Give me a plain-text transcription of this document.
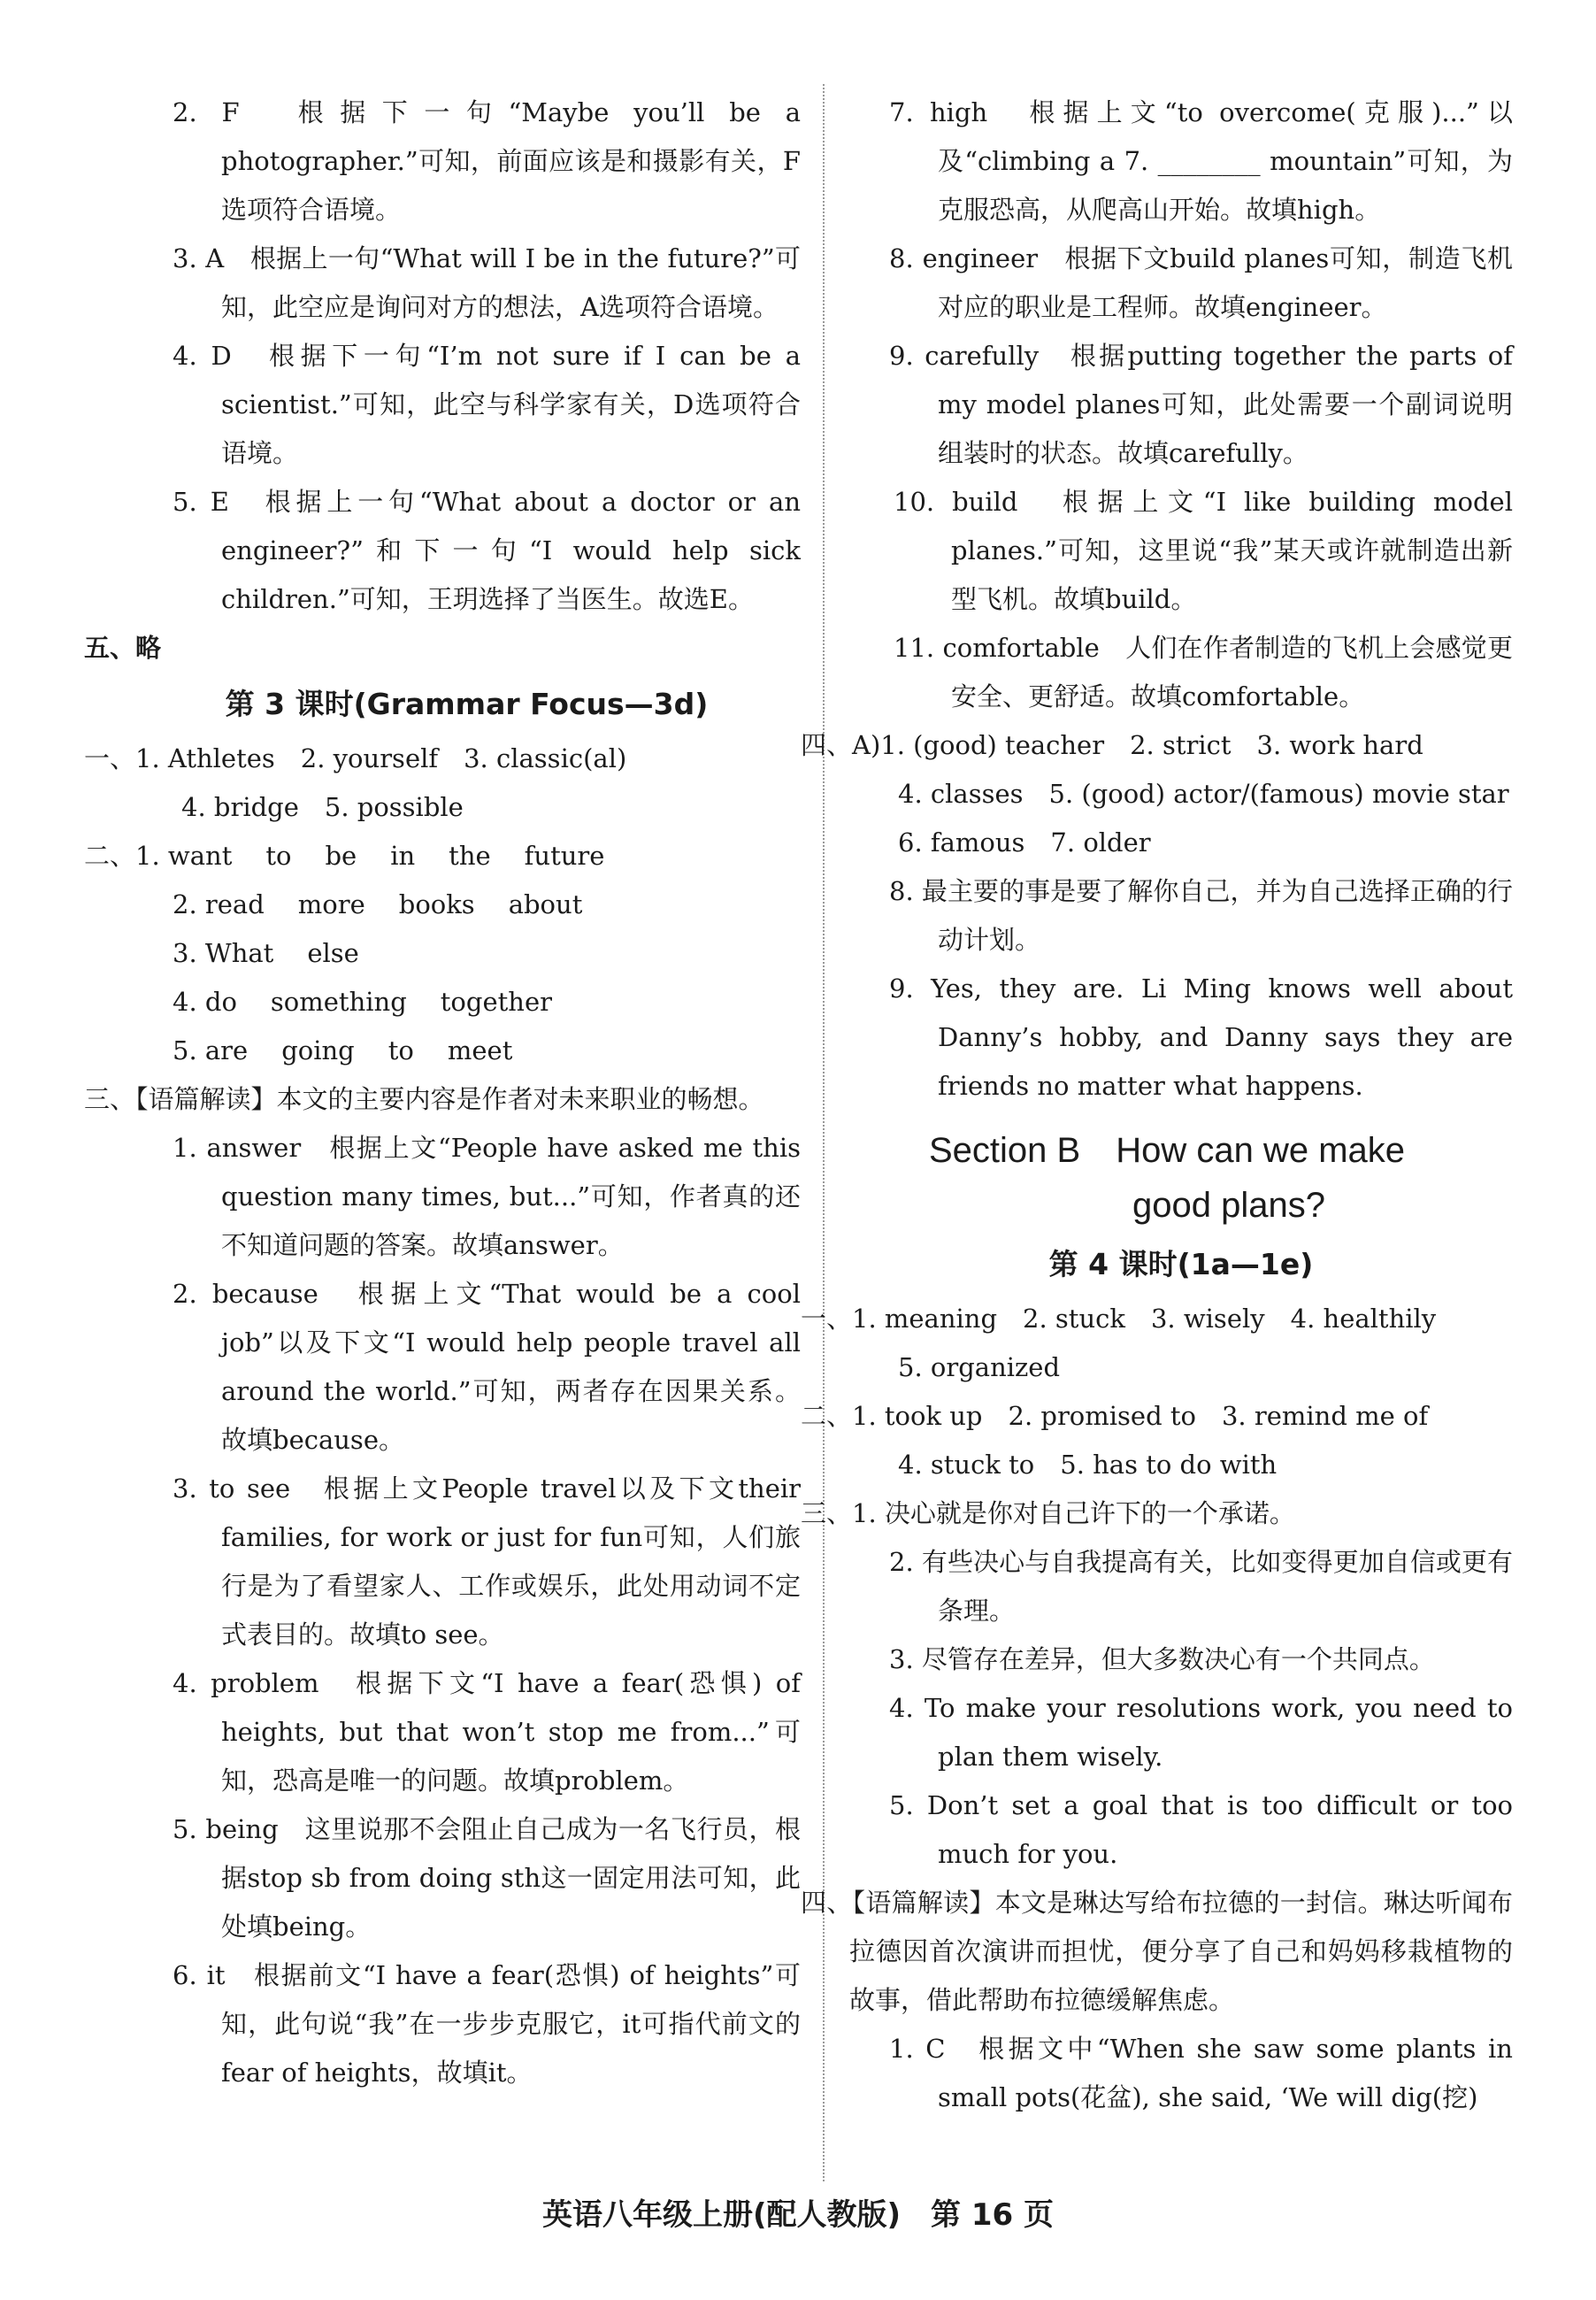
2. F　根据下一句“Maybe you’ll be a photographer.”可知，前面应该是和摄影有关，F选项符合语境。

3. A　根据上一句“What will I be in the future?”可知，此空应是询问对方的想法，A选项符合语境。

4. D　根据下一句“I’m not sure if I can be a scientist.”可知，此空与科学家有关，D选项符合语境。

5. E　根据上一句“What about a doctor or an engineer?”和下一句“I would help sick children.”可知，王玥选择了当医生。故选E。

五、略

第 3 课时(Grammar Focus—3d)

一、1. Athletes　2. yourself　3. classic(al)

4. bridge　5. possible

二、1. want to be in the future

2. read more books about

3. What else

4. do something together

5. are going to meet

三、【语篇解读】本文的主要内容是作者对未来职业的畅想。

1. answer　根据上文“People have asked me this question many times, but...”可知，作者真的还不知道问题的答案。故填answer。

2. because　根据上文“That would be a cool job”以及下文“I would help people travel all around the world.”可知，两者存在因果关系。故填because。

3. to see　根据上文People travel以及下文their families, for work or just for fun可知，人们旅行是为了看望家人、工作或娱乐，此处用动词不定式表目的。故填to see。

4. problem　根据下文“I have a fear(恐惧) of heights, but that won’t stop me from...”可知，恐高是唯一的问题。故填problem。

5. being　这里说那不会阻止自己成为一名飞行员，根据stop sb from doing sth这一固定用法可知，此处填being。

6. it　根据前文“I have a fear(恐惧) of heights”可知，此句说“我”在一步步克服它，it可指代前文的fear of heights，故填it。

7. high　根据上文“to overcome(克服)...”以及“climbing a 7. ________ mountain”可知，为克服恐高，从爬高山开始。故填high。

8. engineer　根据下文build planes可知，制造飞机对应的职业是工程师。故填engineer。

9. carefully　根据putting together the parts of my model planes可知，此处需要一个副词说明组装时的状态。故填carefully。

10. build　根据上文“I like building model planes.”可知，这里说“我”某天或许就制造出新型飞机。故填build。

11. comfortable　人们在作者制造的飞机上会感觉更安全、更舒适。故填comfortable。

四、A)1. (good) teacher　2. strict　3. work hard

4. classes　5. (good) actor/(famous) movie star

6. famous　7. older

8. 最主要的事是要了解你自己，并为自己选择正确的行动计划。

9. Yes, they are. Li Ming knows well about Danny’s hobby, and Danny says they are friends no matter what happens.

Section B　How can we make
good plans?
第 4 课时(1a—1e)

一、1. meaning　2. stuck　3. wisely　4. healthily

5. organized

二、1. took up　2. promised to　3. remind me of

4. stuck to　5. has to do with

三、1. 决心就是你对自己许下的一个承诺。

2. 有些决心与自我提高有关，比如变得更加自信或更有条理。

3. 尽管存在差异，但大多数决心有一个共同点。

4. To make your resolutions work, you need to plan them wisely.

5. Don’t set a goal that is too difficult or too much for you.

四、【语篇解读】本文是琳达写给布拉德的一封信。琳达听闻布拉德因首次演讲而担忧，便分享了自己和妈妈移栽植物的故事，借此帮助布拉德缓解焦虑。

1. C　根据文中“When she saw some plants in small pots(花盆), she said, ‘We will dig(挖)

英语八年级上册(配人教版)　第 16 页
